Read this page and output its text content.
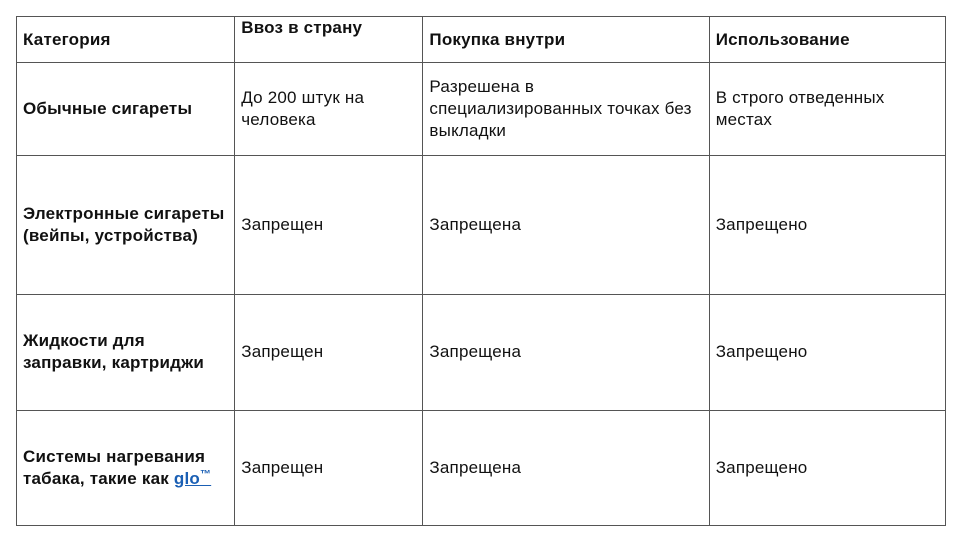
Категория	Ввоз в страну	Покупка внутри	Использование
Обычные сигареты	До 200 штук на человека	Разрешена в специализированных точках без выкладки	В строго отведенных местах
Электронные сигареты (вейпы, устройства)	Запрещен	Запрещена	Запрещено
Жидкости для заправки, картриджи	Запрещен	Запрещена	Запрещено
Системы нагревания табака, такие как glo™	Запрещен	Запрещена	Запрещено
